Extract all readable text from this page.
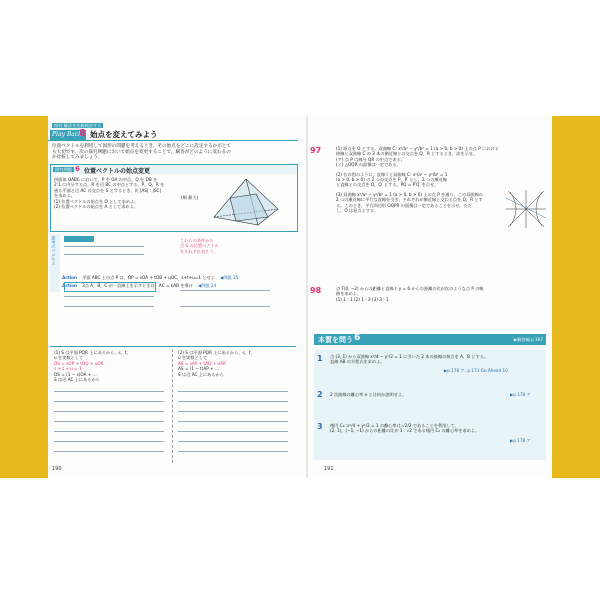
探究 解法を比較検討する
Play Back
8 始点を変えてみよう
位置ベクトルを利用して図形の問題を考えるとき，その始点をどこに設定するかがとて
も大切です。次の探究例題において始点を変更することで，解答がどのように変わるの
か比較してみましょう。
探究例題 6 位置ベクトルの始点変更
四面体 OABC において，P を OA の中点，Q を OB を
2:1 に内分する点，R を辺 BC の中点とする。P，Q，R を
通る平面と辺 AC の交点を S とするとき，比 |AS| : |SC|
を求めよ。
(1) 位置ベクトルの始点を O として求めよ。
(2) 位置ベクトルの始点を A として求めよ。
(類 静大)
思考のプロセス	これらの条件から
点 S の位置ベクトル
をそれぞれ表そう。
Action 平面 ABC 上の点 P は，OP = sOA + tOB + uOC，s+t+u=1 とせよ ◀例題 25
Action 3点 A，B，C が一直線上を示すときは，AC = kAB を導け ◀例題 24
(1) S は平面 PQR 上にあるから，s，t，
u を実数として
OS = sOP + tOQ + uOR
s + t + u = 1
OS = (1 − s)OA + ...
S は辺 AC 上にあるから
(2) S は平面 PQR 上にあるから，s，t，
u を実数として
AS = sAP + tAQ + uAR
AS = (1 − t)AP + ...
S は辺 AC 上にあるから
190
97	(1) 原点を O とする。双曲線 C: x²/a² − y²/b² = 1 (a > 0, b > 0) 上の点 P における
接線と双曲線 C の 2 本の漸近線との交点を Q，R とするとき，次を示せ。
(ア) 点 P は線分 QR の中点である。
(イ) △OQR の面積は一定である。
(2) 右の図のように，直線 l と双曲線 C: x²/a² − y²/b² = 1
(a > 0, b > 0) の 2 つの交点を P，P′ とし，2 つの漸近線
と直線との交点を Q，Q′ とする。PQ = P′Q′ を示せ。
(3) 双曲線 x²/a² − y²/b² = 1 (a > 0, b > 0) 上の点 P を通り，この双曲線の
2 つの漸近線に平行な直線を引き，それぞれが漸近線と交わる点を Q，R とす
る。このとき，平行四辺形 OQPR の面積は一定であることを示せ。ただ
し，O は原点とする。
98	点 F(0, −2) からの距離と直線 l: y = 6 からの距離の比が次のような点 P の軌
跡を求めよ。
(1) 1 : 1 (2) 1 : 3 (3) 3 : 1
本質を問う 6	▶解答編 p.167
1 点 (3, 1) から双曲線 x²/4 − y²/2 = 1 に引いた 2 本の接線の接点を A，B とする。
直線 AB の方程式を求めよ。
▶p.178 ア, p.173 Go Ahead 10
2 2 次曲線の離心率 e とは何か説明せよ。	▶p.178 ア
3 楕円 C₁: x²/4 + y²/2 = 1 の離心率は √2/2 であることを利用して，
(2, 1)，(−1, −1) からの距離の比が 1 : √2 である楕円 C₂ の離心率を求めよ。
▶p.178 ア
191
